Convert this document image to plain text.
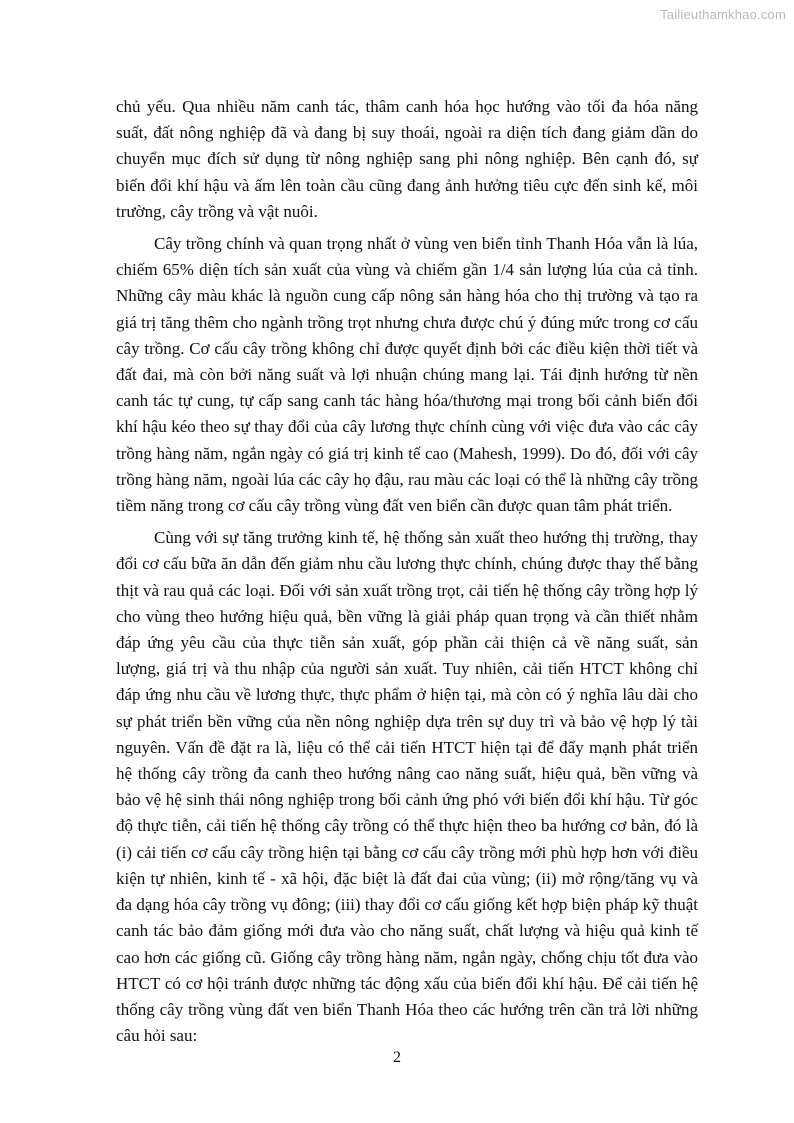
Tailieuthamkhao.com

chủ yếu. Qua nhiều năm canh tác, thâm canh hóa học hướng vào tối đa hóa năng suất, đất nông nghiệp đã và đang bị suy thoái, ngoài ra diện tích đang giảm dần do chuyển mục đích sử dụng từ nông nghiệp sang phi nông nghiệp. Bên cạnh đó, sự biến đổi khí hậu và ấm lên toàn cầu cũng đang ảnh hưởng tiêu cực đến sinh kế, môi trường, cây trồng và vật nuôi.

Cây trồng chính và quan trọng nhất ở vùng ven biển tỉnh Thanh Hóa vẫn là lúa, chiếm 65% diện tích sản xuất của vùng và chiếm gần 1/4 sản lượng lúa của cả tỉnh. Những cây màu khác là nguồn cung cấp nông sản hàng hóa cho thị trường và tạo ra giá trị tăng thêm cho ngành trồng trọt nhưng chưa được chú ý đúng mức trong cơ cấu cây trồng. Cơ cấu cây trồng không chỉ được quyết định bởi các điều kiện thời tiết và đất đai, mà còn bởi năng suất và lợi nhuận chúng mang lại. Tái định hướng từ nền canh tác tự cung, tự cấp sang canh tác hàng hóa/thương mại trong bối cảnh biến đổi khí hậu kéo theo sự thay đổi của cây lương thực chính cùng với việc đưa vào các cây trồng hàng năm, ngắn ngày có giá trị kinh tế cao (Mahesh, 1999). Do đó, đối với cây trồng hàng năm, ngoài lúa các cây họ đậu, rau màu các loại có thể là những cây trồng tiềm năng trong cơ cấu cây trồng vùng đất ven biển cần được quan tâm phát triển.

Cùng với sự tăng trưởng kinh tế, hệ thống sản xuất theo hướng thị trường, thay đổi cơ cấu bữa ăn dẫn đến giảm nhu cầu lương thực chính, chúng được thay thế bằng thịt và rau quả các loại. Đối với sản xuất trồng trọt, cải tiến hệ thống cây trồng hợp lý cho vùng theo hướng hiệu quả, bền vững là giải pháp quan trọng và cần thiết nhằm đáp ứng yêu cầu của thực tiễn sản xuất, góp phần cải thiện cả về năng suất, sản lượng, giá trị và thu nhập của người sản xuất. Tuy nhiên, cải tiến HTCT không chỉ đáp ứng nhu cầu về lương thực, thực phẩm ở hiện tại, mà còn có ý nghĩa lâu dài cho sự phát triển bền vững của nền nông nghiệp dựa trên sự duy trì và bảo vệ hợp lý tài nguyên. Vấn đề đặt ra là, liệu có thể cải tiến HTCT hiện tại để đẩy mạnh phát triển hệ thống cây trồng đa canh theo hướng nâng cao năng suất, hiệu quả, bền vững và bảo vệ hệ sinh thái nông nghiệp trong bối cảnh ứng phó với biến đổi khí hậu. Từ góc độ thực tiễn, cải tiến hệ thống cây trồng có thể thực hiện theo ba hướng cơ bản, đó là (i) cải tiến cơ cấu cây trồng hiện tại bằng cơ cấu cây trồng mới phù hợp hơn với điều kiện tự nhiên, kinh tế - xã hội, đặc biệt là đất đai của vùng; (ii) mở rộng/tăng vụ và đa dạng hóa cây trồng vụ đông; (iii) thay đổi cơ cấu giống kết hợp biện pháp kỹ thuật canh tác bảo đảm giống mới đưa vào cho năng suất, chất lượng và hiệu quả kinh tế cao hơn các giống cũ. Giống cây trồng hàng năm, ngắn ngày, chống chịu tốt đưa vào HTCT có cơ hội tránh được những tác động xấu của biến đổi khí hậu. Để cải tiến hệ thống cây trồng vùng đất ven biển Thanh Hóa theo các hướng trên cần trả lời những câu hỏi sau:

2
